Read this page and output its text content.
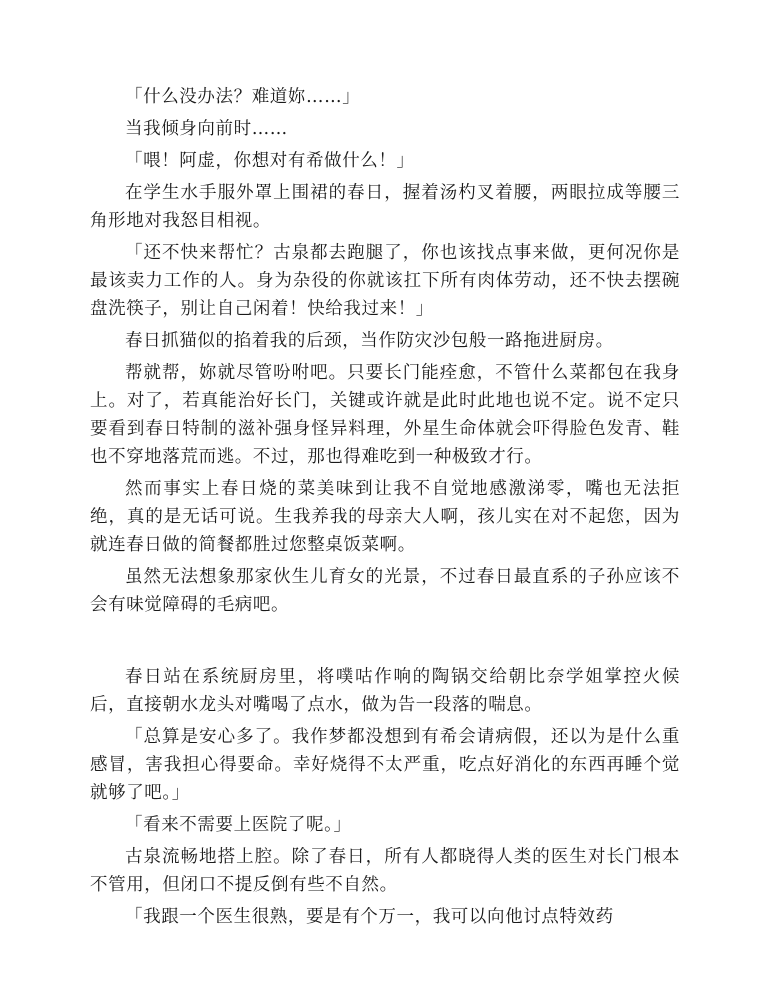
「什么没办法？难道妳……」

当我倾身向前时……

「喂！阿虚，你想对有希做什么！」

在学生水手服外罩上围裙的春日，握着汤杓叉着腰，两眼拉成等腰三角形地对我怒目相视。

「还不快来帮忙？古泉都去跑腿了，你也该找点事来做，更何况你是最该卖力工作的人。身为杂役的你就该扛下所有肉体劳动，还不快去摆碗盘洗筷子，别让自己闲着！快给我过来！」

春日抓猫似的掐着我的后颈，当作防灾沙包般一路拖进厨房。

帮就帮，妳就尽管吩咐吧。只要长门能痊愈，不管什么菜都包在我身上。对了，若真能治好长门，关键或许就是此时此地也说不定。说不定只要看到春日特制的滋补强身怪异料理，外星生命体就会吓得脸色发青、鞋也不穿地落荒而逃。不过，那也得难吃到一种极致才行。

然而事实上春日烧的菜美味到让我不自觉地感激涕零，嘴也无法拒绝，真的是无话可说。生我养我的母亲大人啊，孩儿实在对不起您，因为就连春日做的简餐都胜过您整桌饭菜啊。

虽然无法想象那家伙生儿育女的光景，不过春日最直系的子孙应该不会有味觉障碍的毛病吧。

春日站在系统厨房里，将噗咕作响的陶锅交给朝比奈学姐掌控火候后，直接朝水龙头对嘴喝了点水，做为告一段落的喘息。

「总算是安心多了。我作梦都没想到有希会请病假，还以为是什么重感冒，害我担心得要命。幸好烧得不太严重，吃点好消化的东西再睡个觉就够了吧。」

「看来不需要上医院了呢。」

古泉流畅地搭上腔。除了春日，所有人都晓得人类的医生对长门根本不管用，但闭口不提反倒有些不自然。

「我跟一个医生很熟，要是有个万一，我可以向他讨点特效药
